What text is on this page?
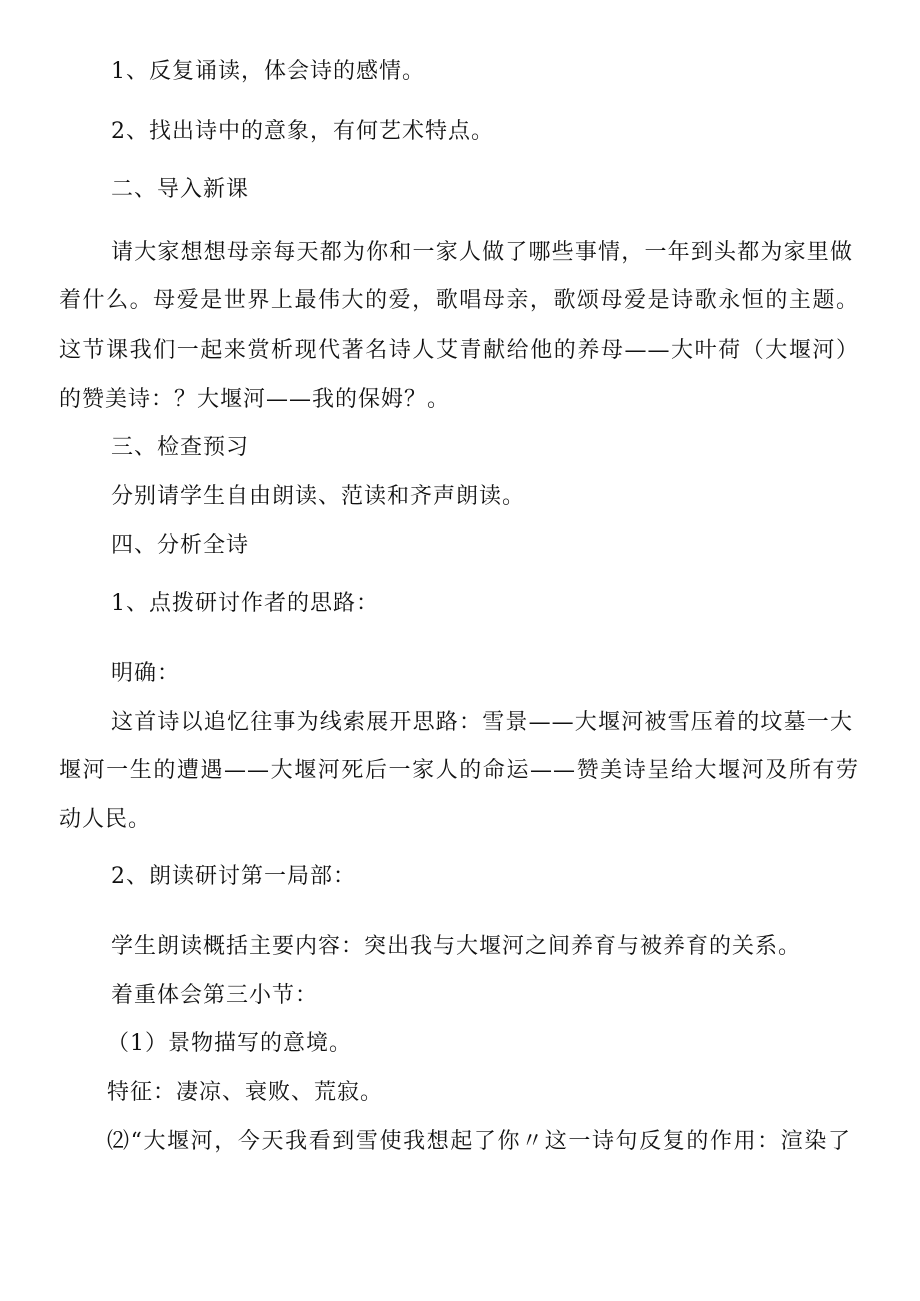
1、反复诵读，体会诗的感情。
2、找出诗中的意象，有何艺术特点。
二、导入新课
请大家想想母亲每天都为你和一家人做了哪些事情，一年到头都为家里做
着什么。母爱是世界上最伟大的爱，歌唱母亲，歌颂母爱是诗歌永恒的主题。
这节课我们一起来赏析现代著名诗人艾青献给他的养母——大叶荷（大堰河）
的赞美诗：？大堰河——我的保姆？。
三、检查预习
分别请学生自由朗读、范读和齐声朗读。
四、分析全诗
1、点拨研讨作者的思路：
明确：
这首诗以追忆往事为线索展开思路：雪景——大堰河被雪压着的坟墓一大
堰河一生的遭遇——大堰河死后一家人的命运——赞美诗呈给大堰河及所有劳
动人民。
2、朗读研讨第一局部：
学生朗读概括主要内容：突出我与大堰河之间养育与被养育的关系。
着重体会第三小节：
（1）景物描写的意境。
特征：凄凉、衰败、荒寂。
⑵“大堰河，今天我看到雪使我想起了你〃这一诗句反复的作用：渲染了
